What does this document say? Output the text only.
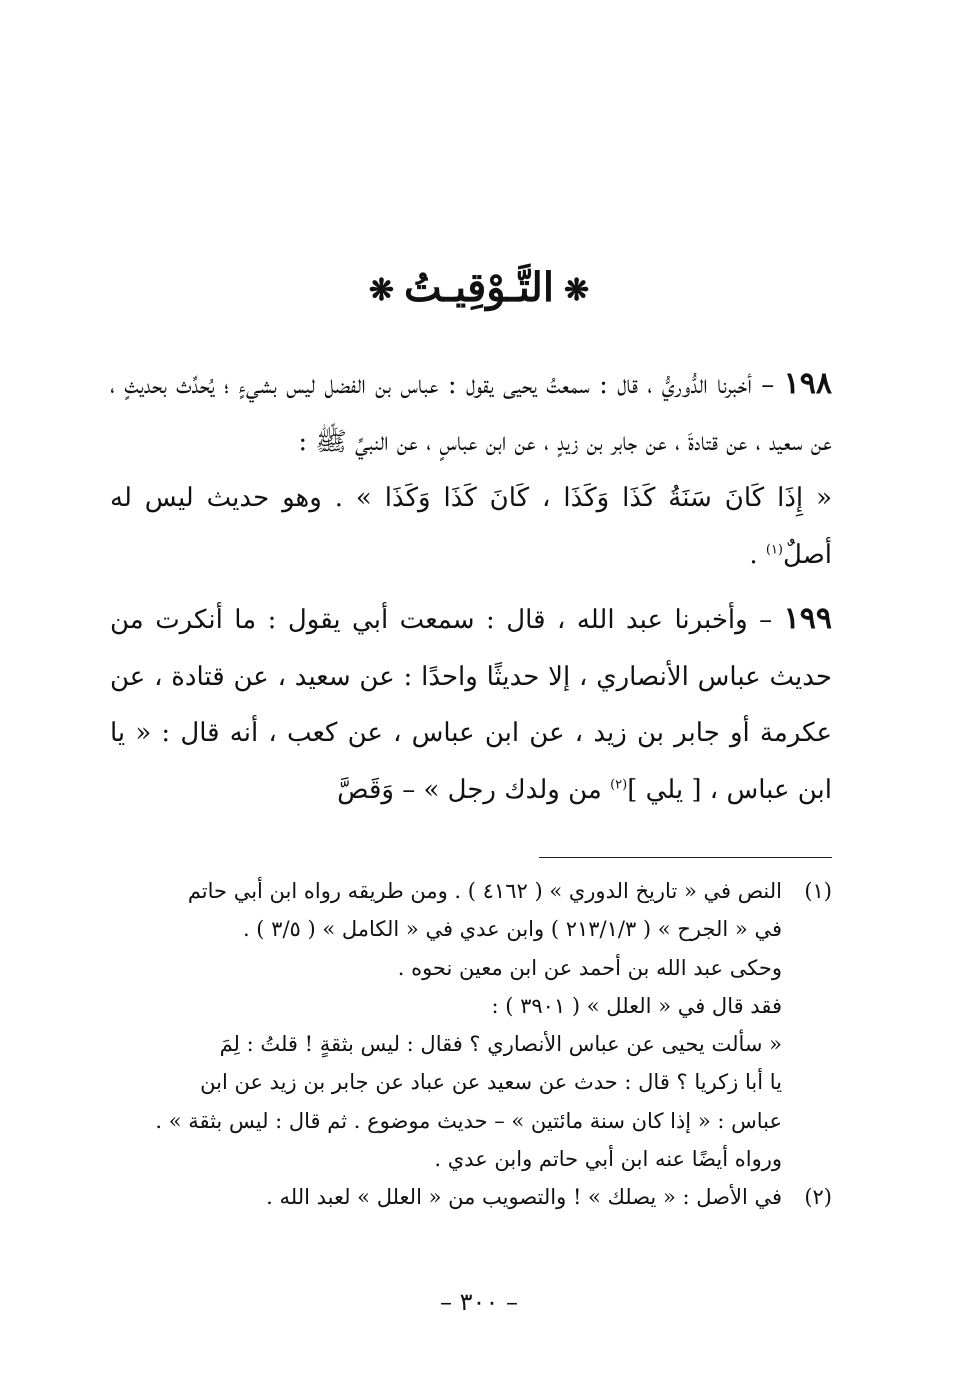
❋التَّـوْقِيـتُ❋

١٩٨ – أخبرنا الدُّوريُّ ، قال : سمعتُ يحيى يقول : عباس بن الفضل ليس بشيءٍ ؛ يُحدِّث بحديثٍ ، عن سعيد ، عن قتادةَ ، عن جابر بن زيدٍ ، عن ابن عباسٍ ، عن النبيِّ ﷺ :
« إِذَا كَانَ سَنَةُ كَذَا وَكَذَا ، كَانَ كَذَا وَكَذَا » . وهو حديث ليس له أصلٌ$^{(١)}$ .

١٩٩ – وأخبرنا عبد الله ، قال : سمعت أبي يقول : ما أنكرت من حديث عباس الأنصاري ، إلا حديثًا واحدًا : عن سعيد ، عن قتادة ، عن عكرمة أو جابر بن زيد ، عن ابن عباس ، عن كعب ، أنه قال : « يا ابن عباس ، [ يلي ]$^{(٢)}$ من ولدك رجل » – وَقَصَّ

(١)
النص في « تاريخ الدوري » ( ٤١٦٢ ) . ومن طريقه رواه ابن أبي حاتم
في « الجرح » ( ٢١٣/١/٣ ) وابن عدي في « الكامل » ( ٣/٥ ) .
وحكى عبد الله بن أحمد عن ابن معين نحوه .
فقد قال في « العلل » ( ٣٩٠١ ) :
« سألت يحيى عن عباس الأنصاري ؟ فقال : ليس بثقةٍ ! قلتُ : لِمَ
يا أبا زكريا ؟ قال : حدث عن سعيد عن عباد عن جابر بن زيد عن ابن
عباس : « إذا كان سنة مائتين » – حديث موضوع . ثم قال : ليس بثقة » .
ورواه أيضًا عنه ابن أبي حاتم وابن عدي .
(٢)
في الأصل : « يصلك » ! والتصويب من « العلل » لعبد الله .
– ٣٠٠ –
